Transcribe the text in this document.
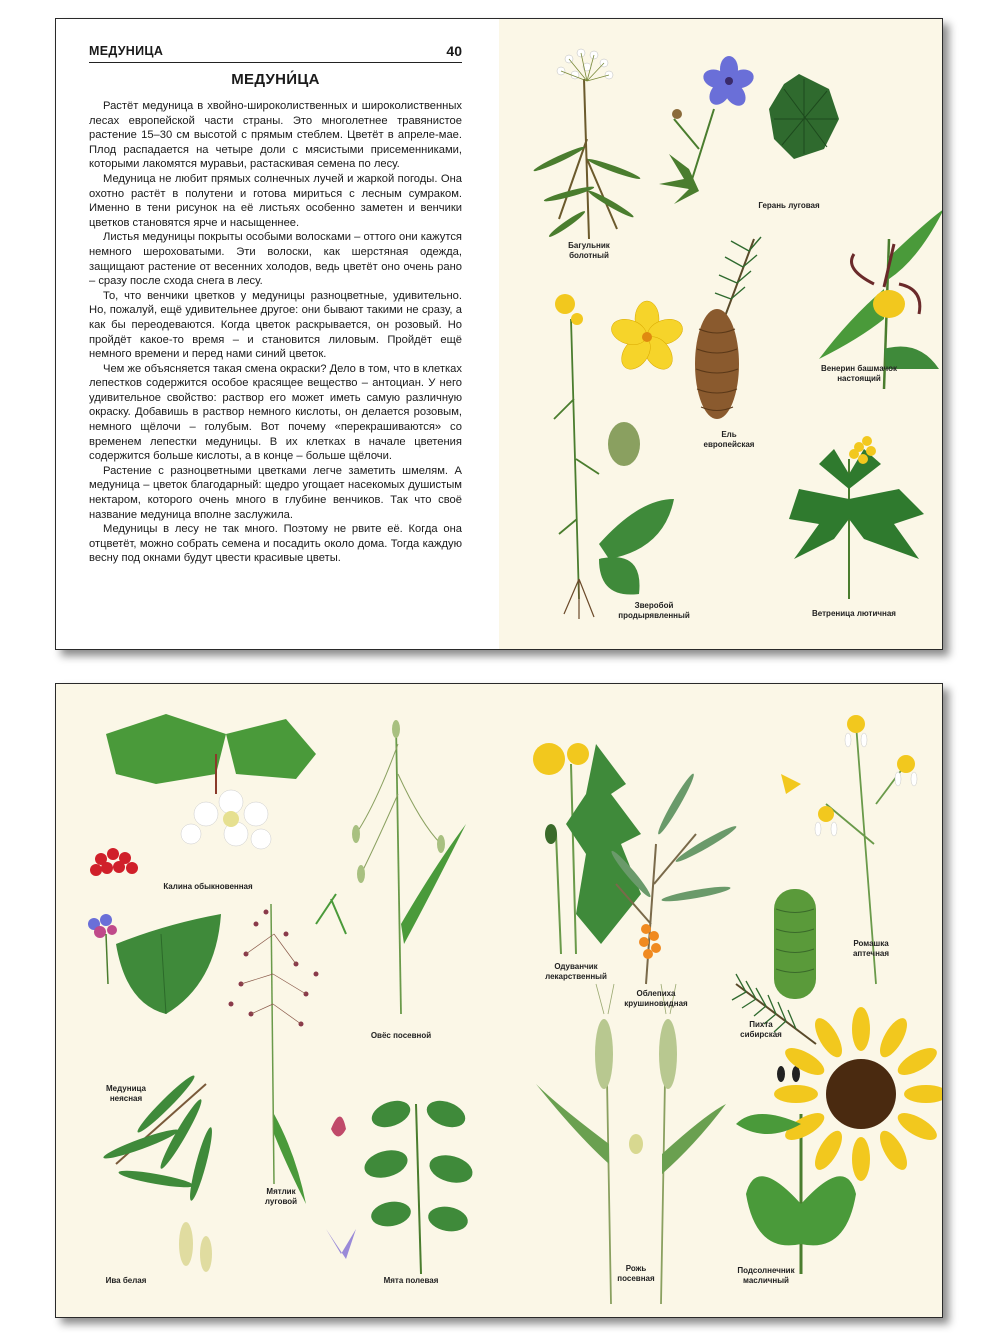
МЕДУНИЦА	40
МЕДУНИ́ЦА

Растёт медуница в хвойно-широколиственных и широколиственных лесах европейской части страны. Это многолетнее травянистое растение 15–30 см высотой с прямым стеблем. Цветёт в апреле-мае. Плод распадается на четыре доли с мясистыми присеменниками, которыми лакомятся муравьи, растаскивая семена по лесу.

Медуница не любит прямых солнечных лучей и жаркой погоды. Она охотно растёт в полутени и готова мириться с лесным сумраком. Именно в тени рисунок на её листьях особенно заметен и венчики цветков становятся ярче и насыщеннее.

Листья медуницы покрыты особыми волосками – оттого они кажутся немного шероховатыми. Эти волоски, как шерстяная одежда, защищают растение от весенних холодов, ведь цветёт оно очень рано – сразу после схода снега в лесу.

То, что венчики цветков у медуницы разноцветные, удивительно. Но, пожалуй, ещё удивительнее другое: они бывают такими не сразу, а как бы переодеваются. Когда цветок раскрывается, он розовый. Но пройдёт какое-то время – и становится лиловым. Пройдёт ещё немного времени и перед нами синий цветок.

Чем же объясняется такая смена окраски? Дело в том, что в клетках лепестков содержится особое красящее вещество – антоциан. У него удивительное свойство: раствор его может иметь самую различную окраску. Добавишь в раствор немного кислоты, он делается розовым, немного щёлочи – голубым. Вот почему «перекрашиваются» со временем лепестки медуницы. В их клетках в начале цветения содержится больше кислоты, а в конце – больше щёлочи.

Растение с разноцветными цветками легче заметить шмелям. А медуница – цветок благодарный: щедро угощает насекомых душистым нектаром, которого очень много в глубине венчиков. Так что своё название медуница вполне заслужила.

Медуницы в лесу не так много. Поэтому не рвите её. Когда она отцветёт, можно собрать семена и посадить около дома. Тогда каждую весну под окнами будут цвести красивые цветы.

Багульник
болотный
Герань луговая
Ель
европейская
Венерин башмачок
настоящий
Зверобой
продырявленный	Ветреница лютичная
Калина обыкновенная
Овёс посевной
Медуница
неясная
Мятлик
луговой
Ива белая	Мята полевая
Одуванчик
лекарственный
Облепиха
крушиновидная
Ромашка
аптечная
Пихта
сибирская
Рожь
посевная
Подсолнечник
масличный
